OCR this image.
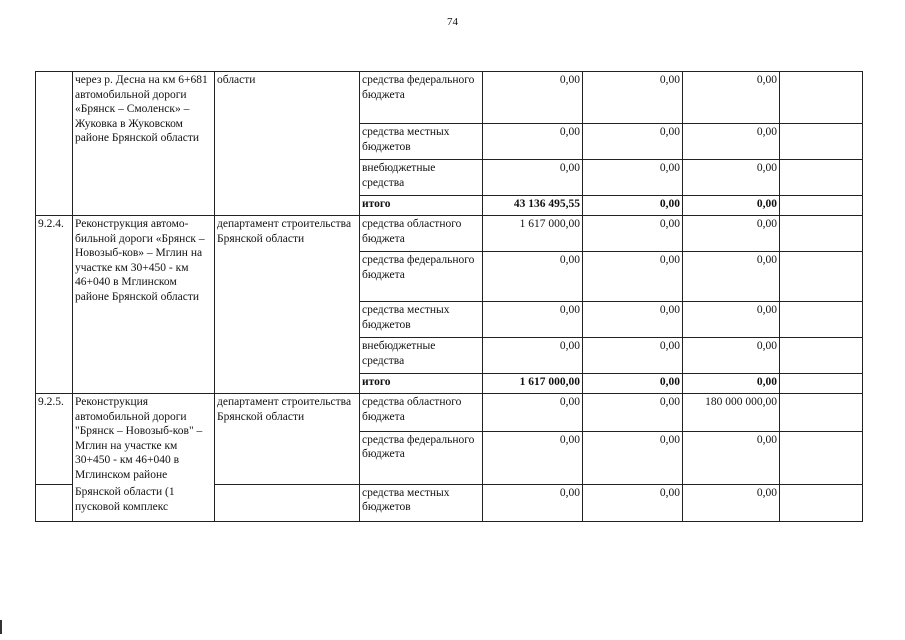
74
	через р. Десна на км 6+681 автомобильной дороги «Брянск – Смоленск» – Жуковка в Жуковском районе Брянской области	области	средства федерального бюджета	0,00	0,00	0,00	
			средства местных бюджетов	0,00	0,00	0,00	
			внебюджетные средства	0,00	0,00	0,00	
			итого	43 136 495,55	0,00	0,00	
9.2.4.	Реконструкция автомо-бильной дороги «Брянск – Новозыб-ков» – Мглин на участке км 30+450 - км 46+040 в Мглинском районе Брянской области	департамент строительства Брянской области	средства областного бюджета	1 617 000,00	0,00	0,00	
			средства федерального бюджета	0,00	0,00	0,00	
			средства местных бюджетов	0,00	0,00	0,00	
			внебюджетные средства	0,00	0,00	0,00	
			итого	1 617 000,00	0,00	0,00	
9.2.5.	Реконструкция автомобильной дороги "Брянск – Новозыб-ков" – Мглин на участке км 30+450 - км 46+040 в Мглинском районе	департамент строительства Брянской области	средства областного бюджета	0,00	0,00	180 000 000,00	
			средства федерального бюджета	0,00	0,00	0,00	
	Брянской области (1 пусковой комплекс		средства местных бюджетов	0,00	0,00	0,00	
